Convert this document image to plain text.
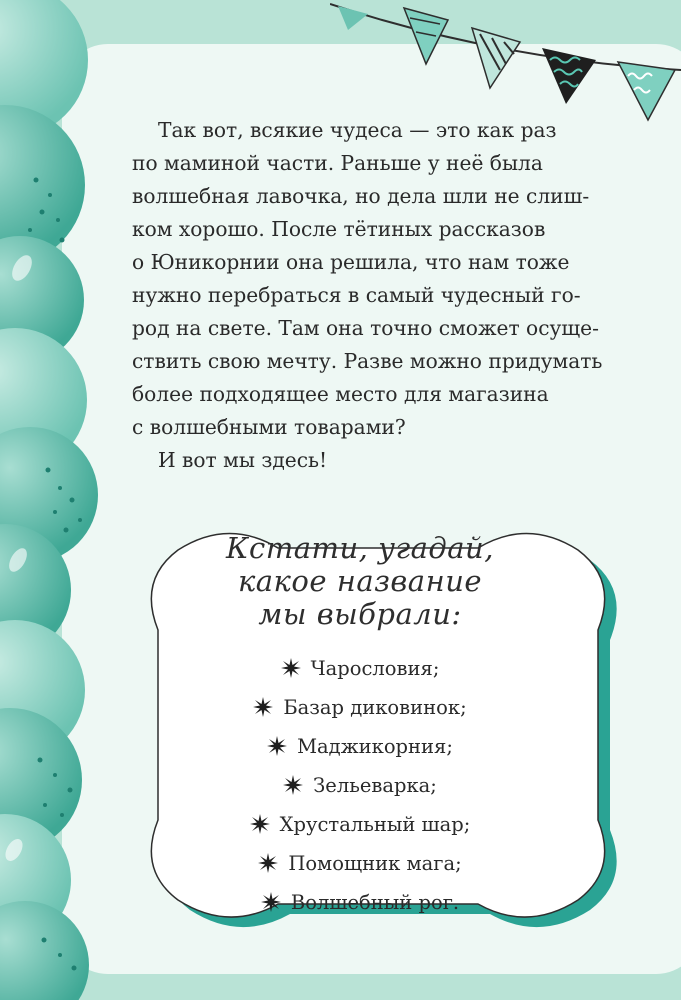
Так вот, всякие чудеса — это как раз

по маминой части. Раньше у неё была

волшебная лавочка, но дела шли не слиш-

ком хорошо. После тётиных рассказов

о Юникорнии она решила, что нам тоже

нужно перебраться в самый чудесный го-

род на свете. Там она точно сможет осуще-

ствить свою мечту. Разве можно придумать

более подходящее место для магазина

с волшебными товарами?

И вот мы здесь!

Кстати, угадай,
какое название
мы выбрали:
Чарословия;
Базар диковинок;
Маджикорния;
Зельеварка;
Хрустальный шар;
Помощник мага;
Волшебный рог.
